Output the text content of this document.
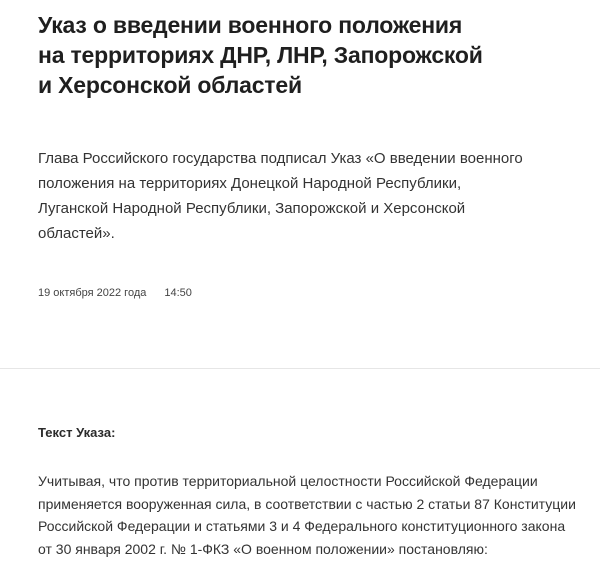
Указ о введении военного положения
на территориях ДНР, ЛНР, Запорожской
и Херсонской областей

Глава Российского государства подписал Указ «О введении военного
положения на территориях Донецкой Народной Республики,
Луганской Народной Республики, Запорожской и Херсонской
областей».

19 октября 2022 года 14:50
Текст Указа:

Учитывая, что против территориальной целостности Российской Федерации
применяется вооруженная сила, в соответствии с частью 2 статьи 87 Конституции
Российской Федерации и статьями 3 и 4 Федерального конституционного закона
от 30 января 2002 г. № 1-ФКЗ «О военном положении» постановляю:
